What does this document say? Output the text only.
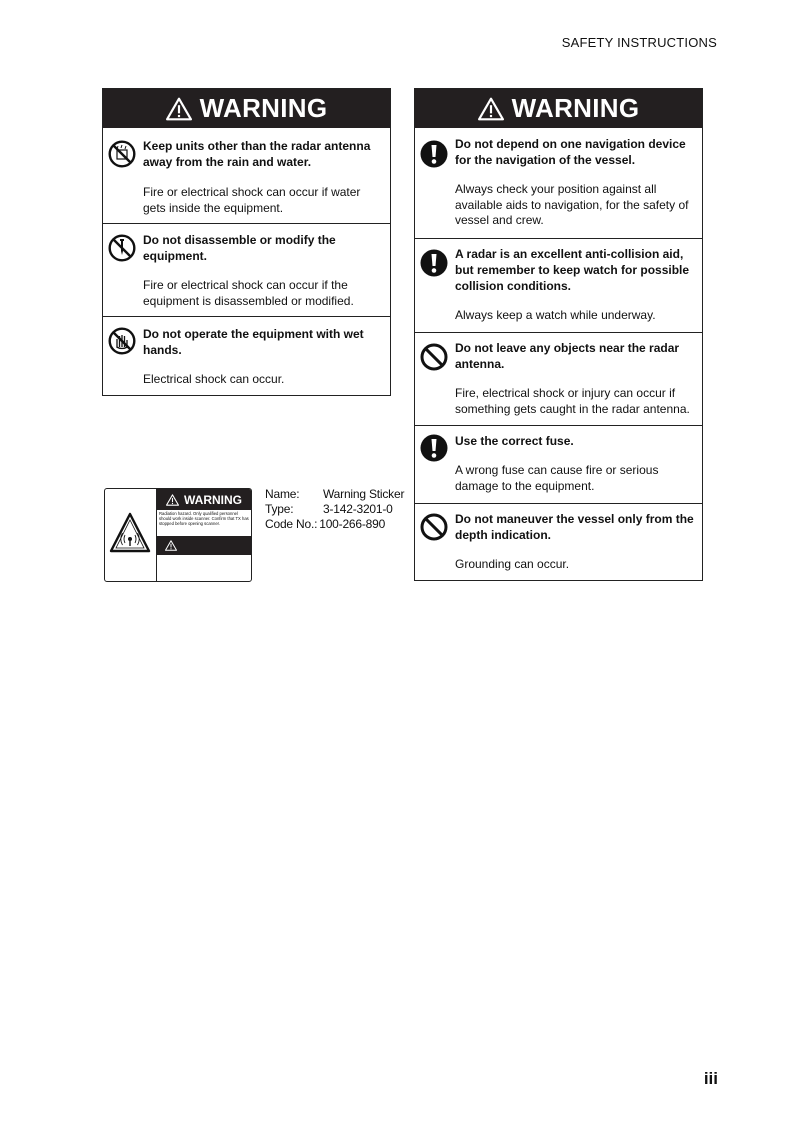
SAFETY INSTRUCTIONS
WARNING
Keep units other than the radar antenna away from the rain and water.
Fire or electrical shock can occur if water gets inside the equipment.
Do not disassemble or modify the equipment.
Fire or electrical shock can occur if the equipment is disassembled or modified.
Do not operate the equipment with wet hands.
Electrical shock can occur.
WARNING
Do not depend on one navigation device for the navigation of the vessel.
Always check your position against all available aids to navigation, for the safety of vessel and crew.
A radar is an excellent anti-collision aid, but remember to keep watch for possible collision conditions.
Always keep a watch while underway.
Do not leave any objects near the radar antenna.
Fire, electrical shock or injury can occur if something gets caught in the radar antenna.
Use the correct fuse.
A wrong fuse can cause fire or serious damage to the equipment.
Do not maneuver the vessel only from the depth indication.
Grounding can occur.
WARNING
Radiation hazard. Only qualified personnel should work inside scanner. Confirm that TX has stopped before opening scanner.
Name:	Warning Sticker
Type:	3-142-3201-0
Code No.: 100-266-890
iii
